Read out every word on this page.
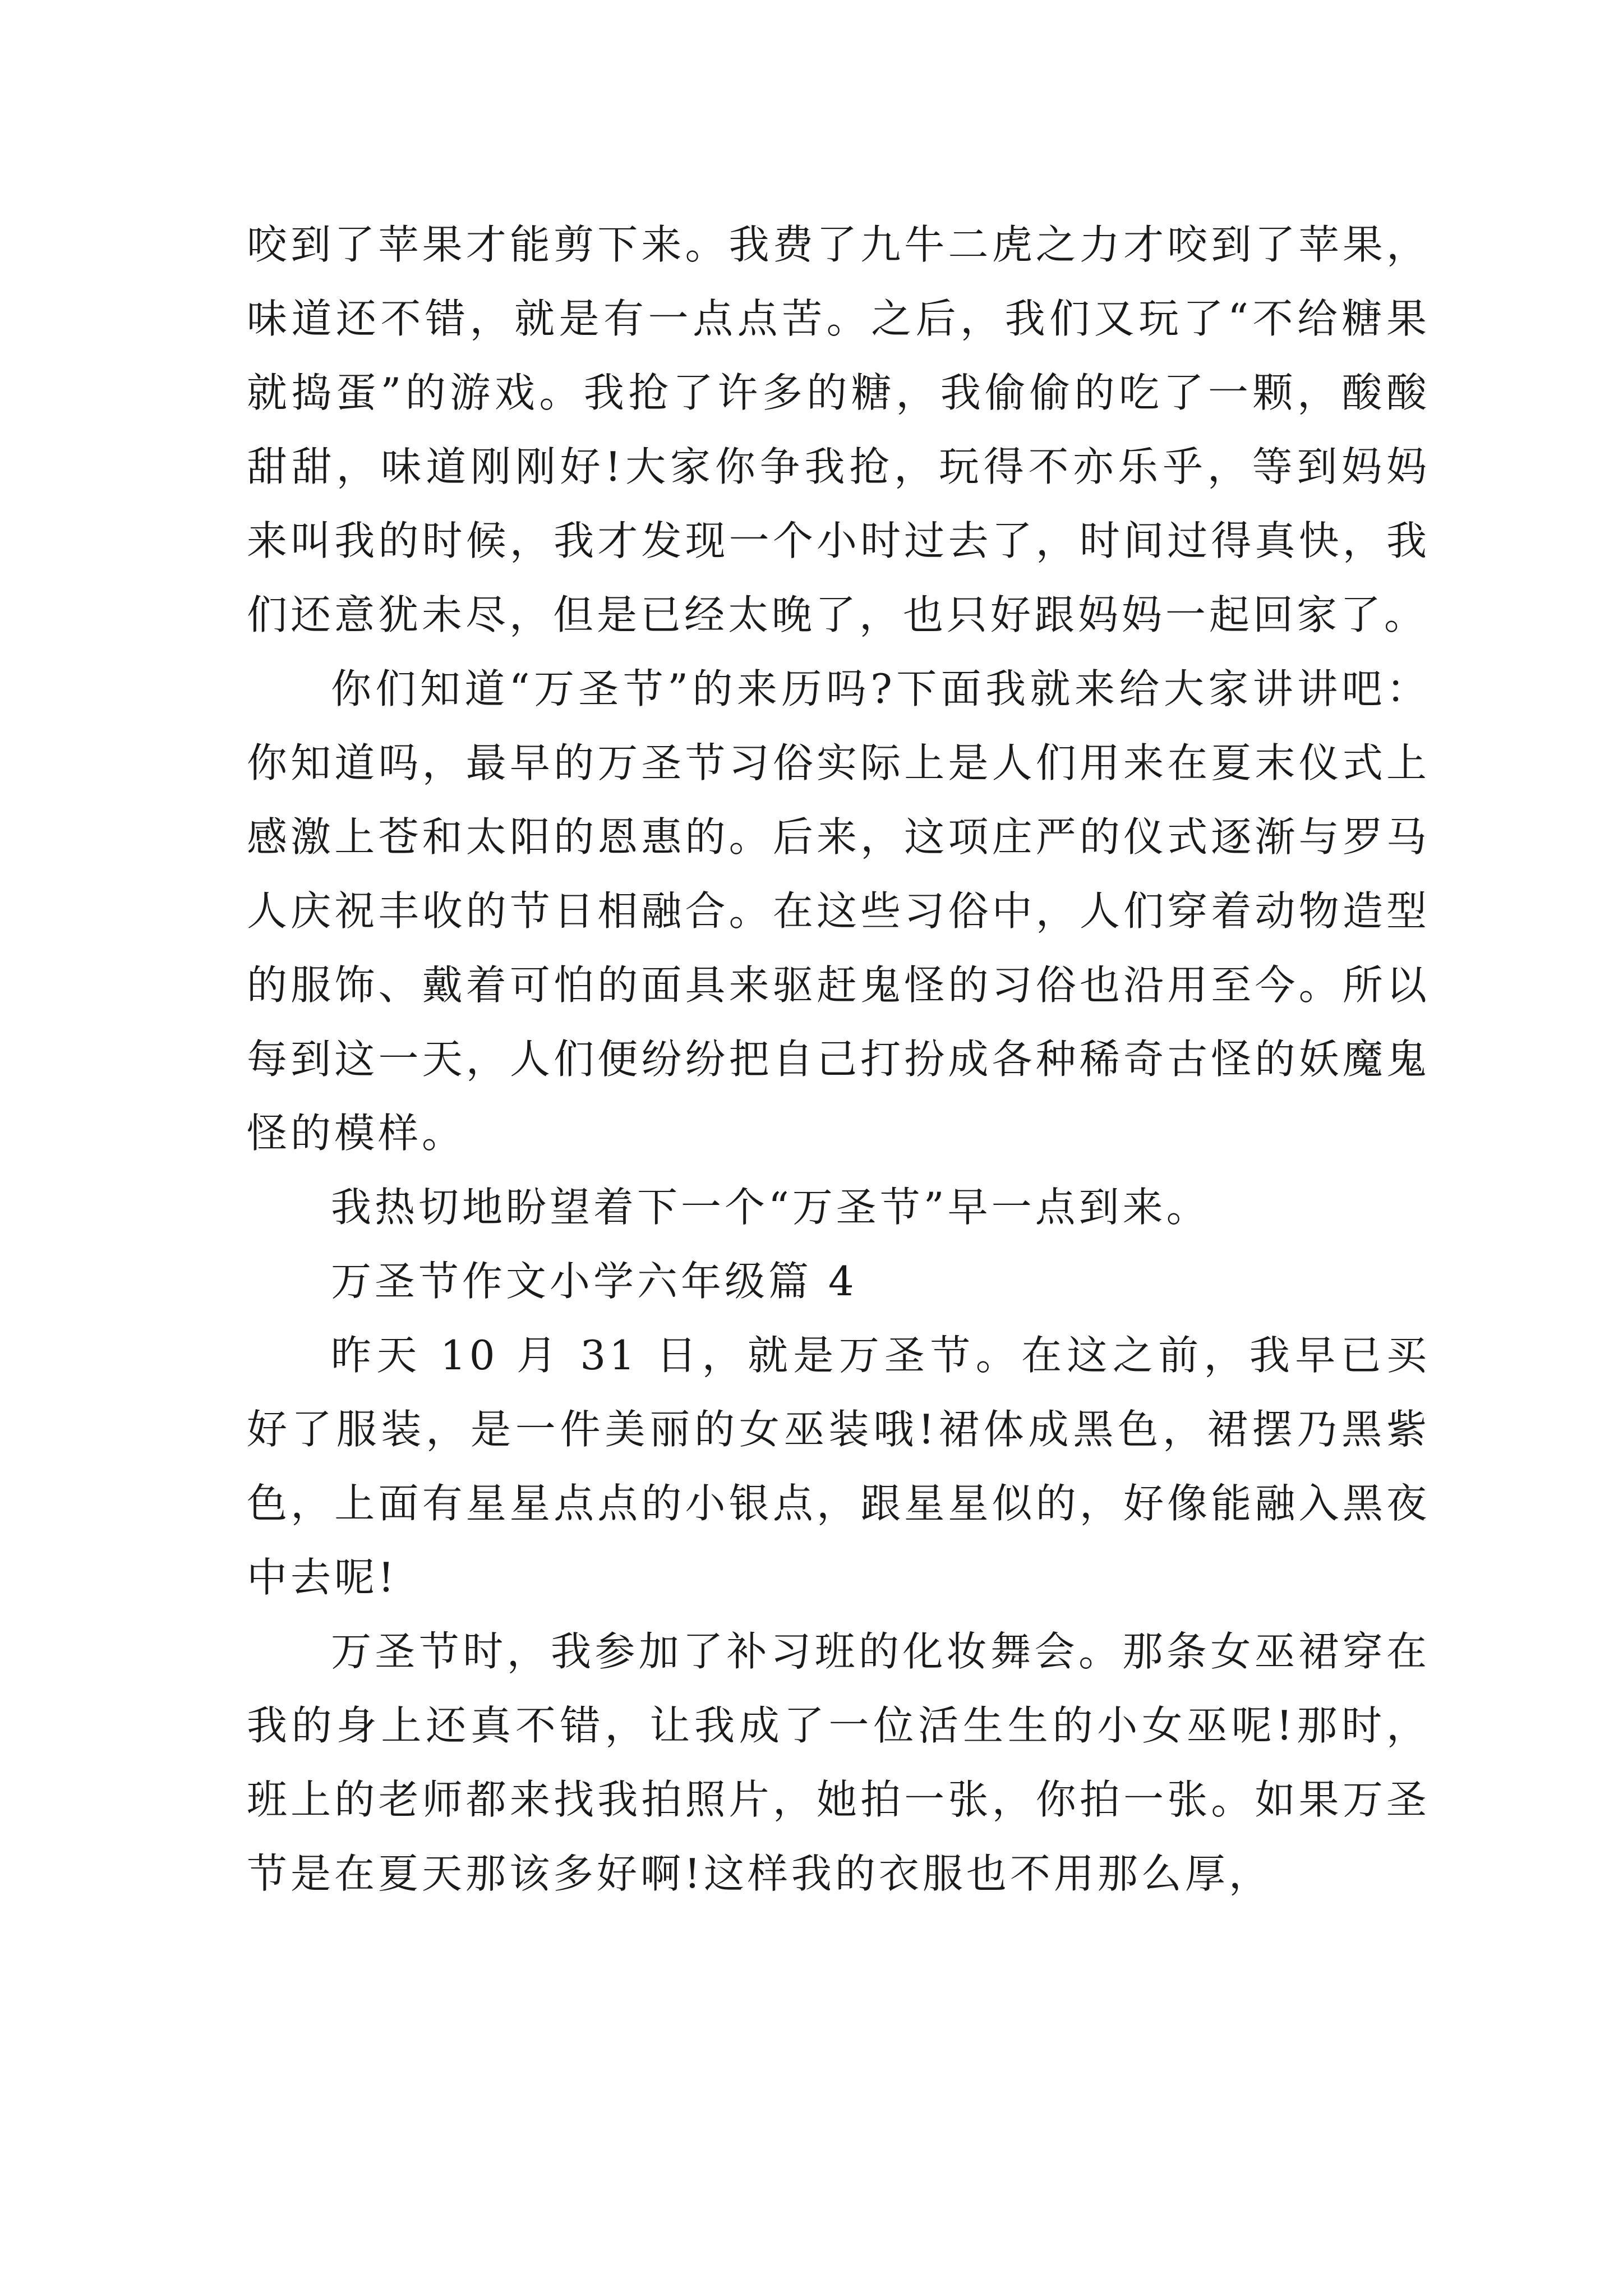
咬到了苹果才能剪下来。我费了九牛二虎之力才咬到了苹果，味道还不错，就是有一点点苦。之后，我们又玩了“不给糖果就捣蛋”的游戏。我抢了许多的糖，我偷偷的吃了一颗，酸酸甜甜，味道刚刚好!大家你争我抢，玩得不亦乐乎，等到妈妈来叫我的时候，我才发现一个小时过去了，时间过得真快，我们还意犹未尽，但是已经太晚了，也只好跟妈妈一起回家了。

你们知道“万圣节”的来历吗?下面我就来给大家讲讲吧：你知道吗，最早的万圣节习俗实际上是人们用来在夏末仪式上感激上苍和太阳的恩惠的。后来，这项庄严的仪式逐渐与罗马人庆祝丰收的节日相融合。在这些习俗中，人们穿着动物造型的服饰、戴着可怕的面具来驱赶鬼怪的习俗也沿用至今。所以每到这一天，人们便纷纷把自己打扮成各种稀奇古怪的妖魔鬼怪的模样。

我热切地盼望着下一个“万圣节”早一点到来。

万圣节作文小学六年级篇 4

昨天 10 月 31 日，就是万圣节。在这之前，我早已买好了服装，是一件美丽的女巫装哦!裙体成黑色，裙摆乃黑紫色，上面有星星点点的小银点，跟星星似的，好像能融入黑夜中去呢!

万圣节时，我参加了补习班的化妆舞会。那条女巫裙穿在我的身上还真不错，让我成了一位活生生的小女巫呢!那时，班上的老师都来找我拍照片，她拍一张，你拍一张。如果万圣节是在夏天那该多好啊!这样我的衣服也不用那么厚，
